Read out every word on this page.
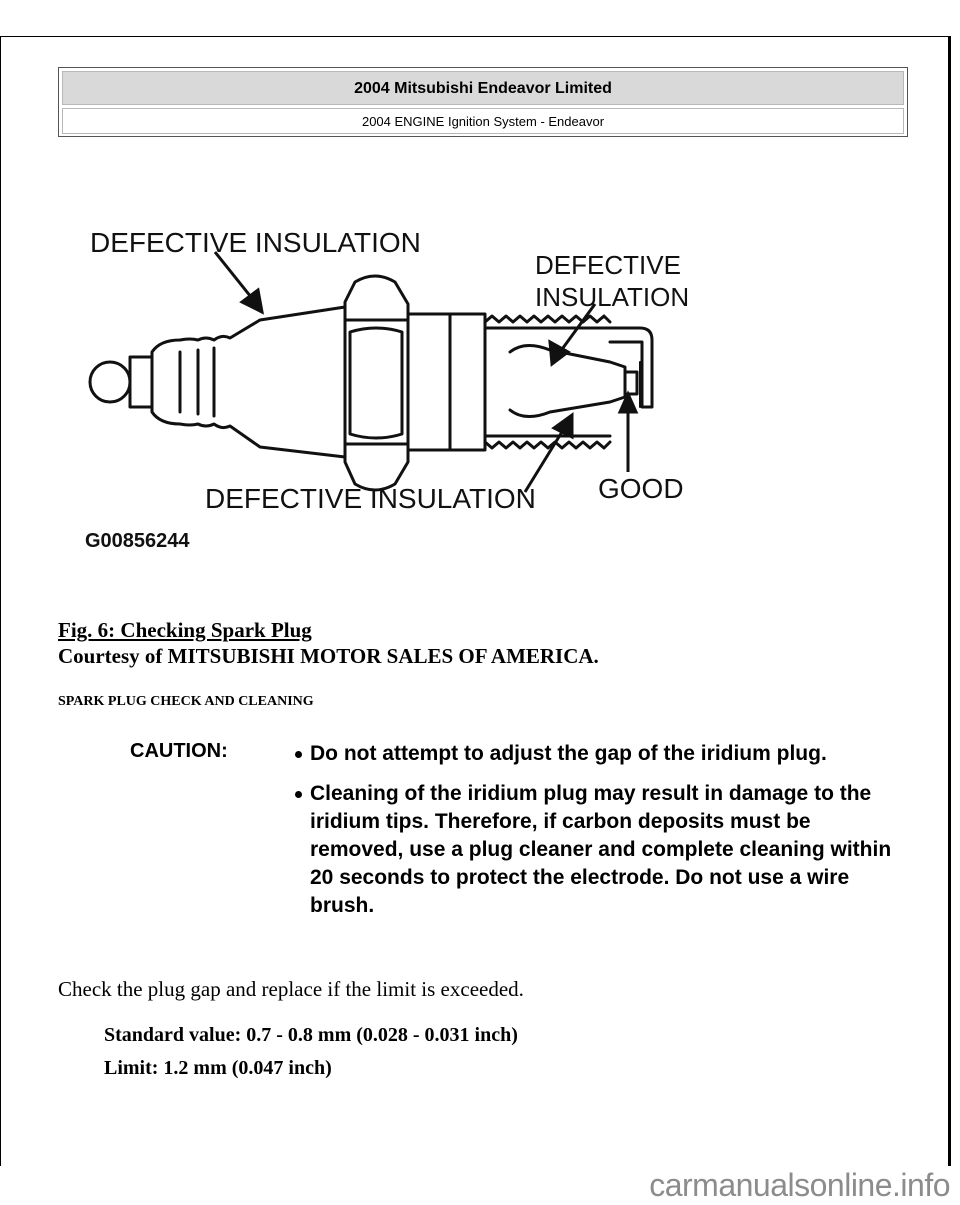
2004 Mitsubishi Endeavor Limited
2004 ENGINE Ignition System - Endeavor
DEFECTIVE INSULATION
DEFECTIVE
INSULATION
DEFECTIVE INSULATION GOOD
G00856244
Fig. 6: Checking Spark Plug
Courtesy of MITSUBISHI MOTOR SALES OF AMERICA.
SPARK PLUG CHECK AND CLEANING
CAUTION:	Do not attempt to adjust the gap of the iridium plug.
Cleaning of the iridium plug may result in damage to the iridium tips. Therefore, if carbon deposits must be removed, use a plug cleaner and complete cleaning within 20 seconds to protect the electrode. Do not use a wire brush.
Check the plug gap and replace if the limit is exceeded.
Standard value: 0.7 - 0.8 mm (0.028 - 0.031 inch)
Limit: 1.2 mm (0.047 inch)
carmanualsonline.info
